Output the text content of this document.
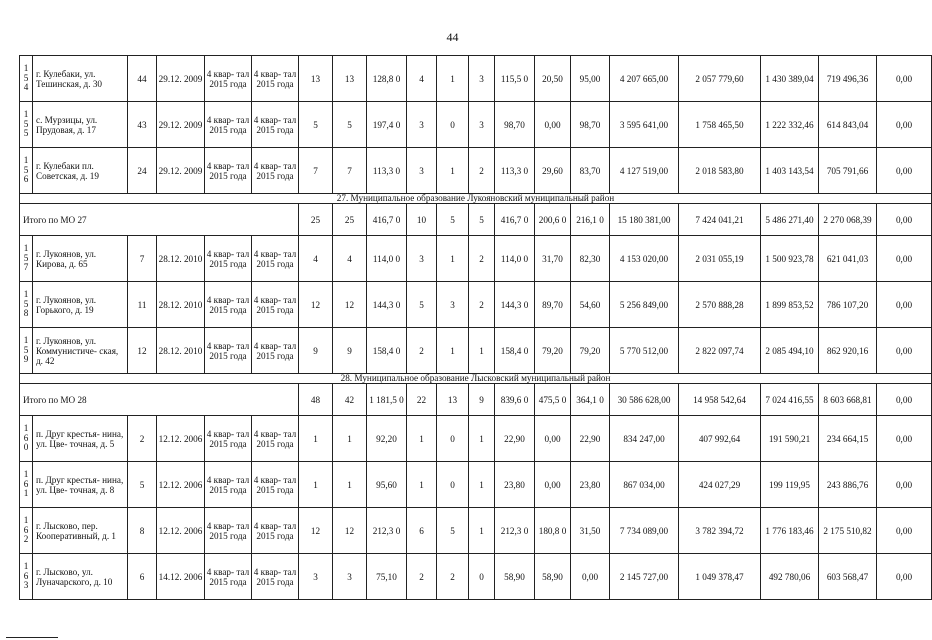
44
1
5
4	г. Кулебаки, ул. Тешинская, д. 30	44	29.12. 2009	4 квар- тал 2015 года	4 квар- тал 2015 года	13	13	128,8 0	4	1	3	115,5 0	20,50	95,00	4 207 665,00	2 057 779,60	1 430 389,04	719 496,36	0,00

1
5
5	с. Мурзицы, ул. Прудовая, д. 17	43	29.12. 2009	4 квар- тал 2015 года	4 квар- тал 2015 года	5	5	197,4 0	3	0	3	98,70	0,00	98,70	3 595 641,00	1 758 465,50	1 222 332,46	614 843,04	0,00

1
5
6	г. Кулебаки пл. Советская, д. 19	24	29.12. 2009	4 квар- тал 2015 года	4 квар- тал 2015 года	7	7	113,3 0	3	1	2	113,3 0	29,60	83,70	4 127 519,00	2 018 583,80	1 403 143,54	705 791,66	0,00
27. Муниципальное образование Лукояновский муниципальный район																			
Итого по МО 27						25	25	416,7 0	10	5	5	416,7 0	200,6 0	216,1 0	15 180 381,00	7 424 041,21	5 486 271,40	2 270 068,39	0,00

1
5
7	г. Лукоянов, ул. Кирова, д. 65	7	28.12. 2010	4 квар- тал 2015 года	4 квар- тал 2015 года	4	4	114,0 0	3	1	2	114,0 0	31,70	82,30	4 153 020,00	2 031 055,19	1 500 923,78	621 041,03	0,00

1
5
8	г. Лукоянов, ул. Горького, д. 19	11	28.12. 2010	4 квар- тал 2015 года	4 квар- тал 2015 года	12	12	144,3 0	5	3	2	144,3 0	89,70	54,60	5 256 849,00	2 570 888,28	1 899 853,52	786 107,20	0,00

1
5
9	г. Лукоянов, ул. Коммунистиче- ская, д. 42	12	28.12. 2010	4 квар- тал 2015 года	4 квар- тал 2015 года	9	9	158,4 0	2	1	1	158,4 0	79,20	79,20	5 770 512,00	2 822 097,74	2 085 494,10	862 920,16	0,00
28. Муниципальное образование Лысковский муниципальный район																			
Итого по МО 28						48	42	1 181,5 0	22	13	9	839,6 0	475,5 0	364,1 0	30 586 628,00	14 958 542,64	7 024 416,55	8 603 668,81	0,00

1
6
0	п. Друг крестья- нина, ул. Цве- точная, д. 5	2	12.12. 2006	4 квар- тал 2015 года	4 квар- тал 2015 года	1	1	92,20	1	0	1	22,90	0,00	22,90	834 247,00	407 992,64	191 590,21	234 664,15	0,00

1
6
1	п. Друг крестья- нина, ул. Цве- точная, д. 8	5	12.12. 2006	4 квар- тал 2015 года	4 квар- тал 2015 года	1	1	95,60	1	0	1	23,80	0,00	23,80	867 034,00	424 027,29	199 119,95	243 886,76	0,00

1
6
2	г. Лысково, пер. Кооперативный, д. 1	8	12.12. 2006	4 квар- тал 2015 года	4 квар- тал 2015 года	12	12	212,3 0	6	5	1	212,3 0	180,8 0	31,50	7 734 089,00	3 782 394,72	1 776 183,46	2 175 510,82	0,00

1
6
3	г. Лысково, ул. Луначарского, д. 10	6	14.12. 2006	4 квар- тал 2015 года	4 квар- тал 2015 года	3	3	75,10	2	2	0	58,90	58,90	0,00	2 145 727,00	1 049 378,47	492 780,06	603 568,47	0,00
